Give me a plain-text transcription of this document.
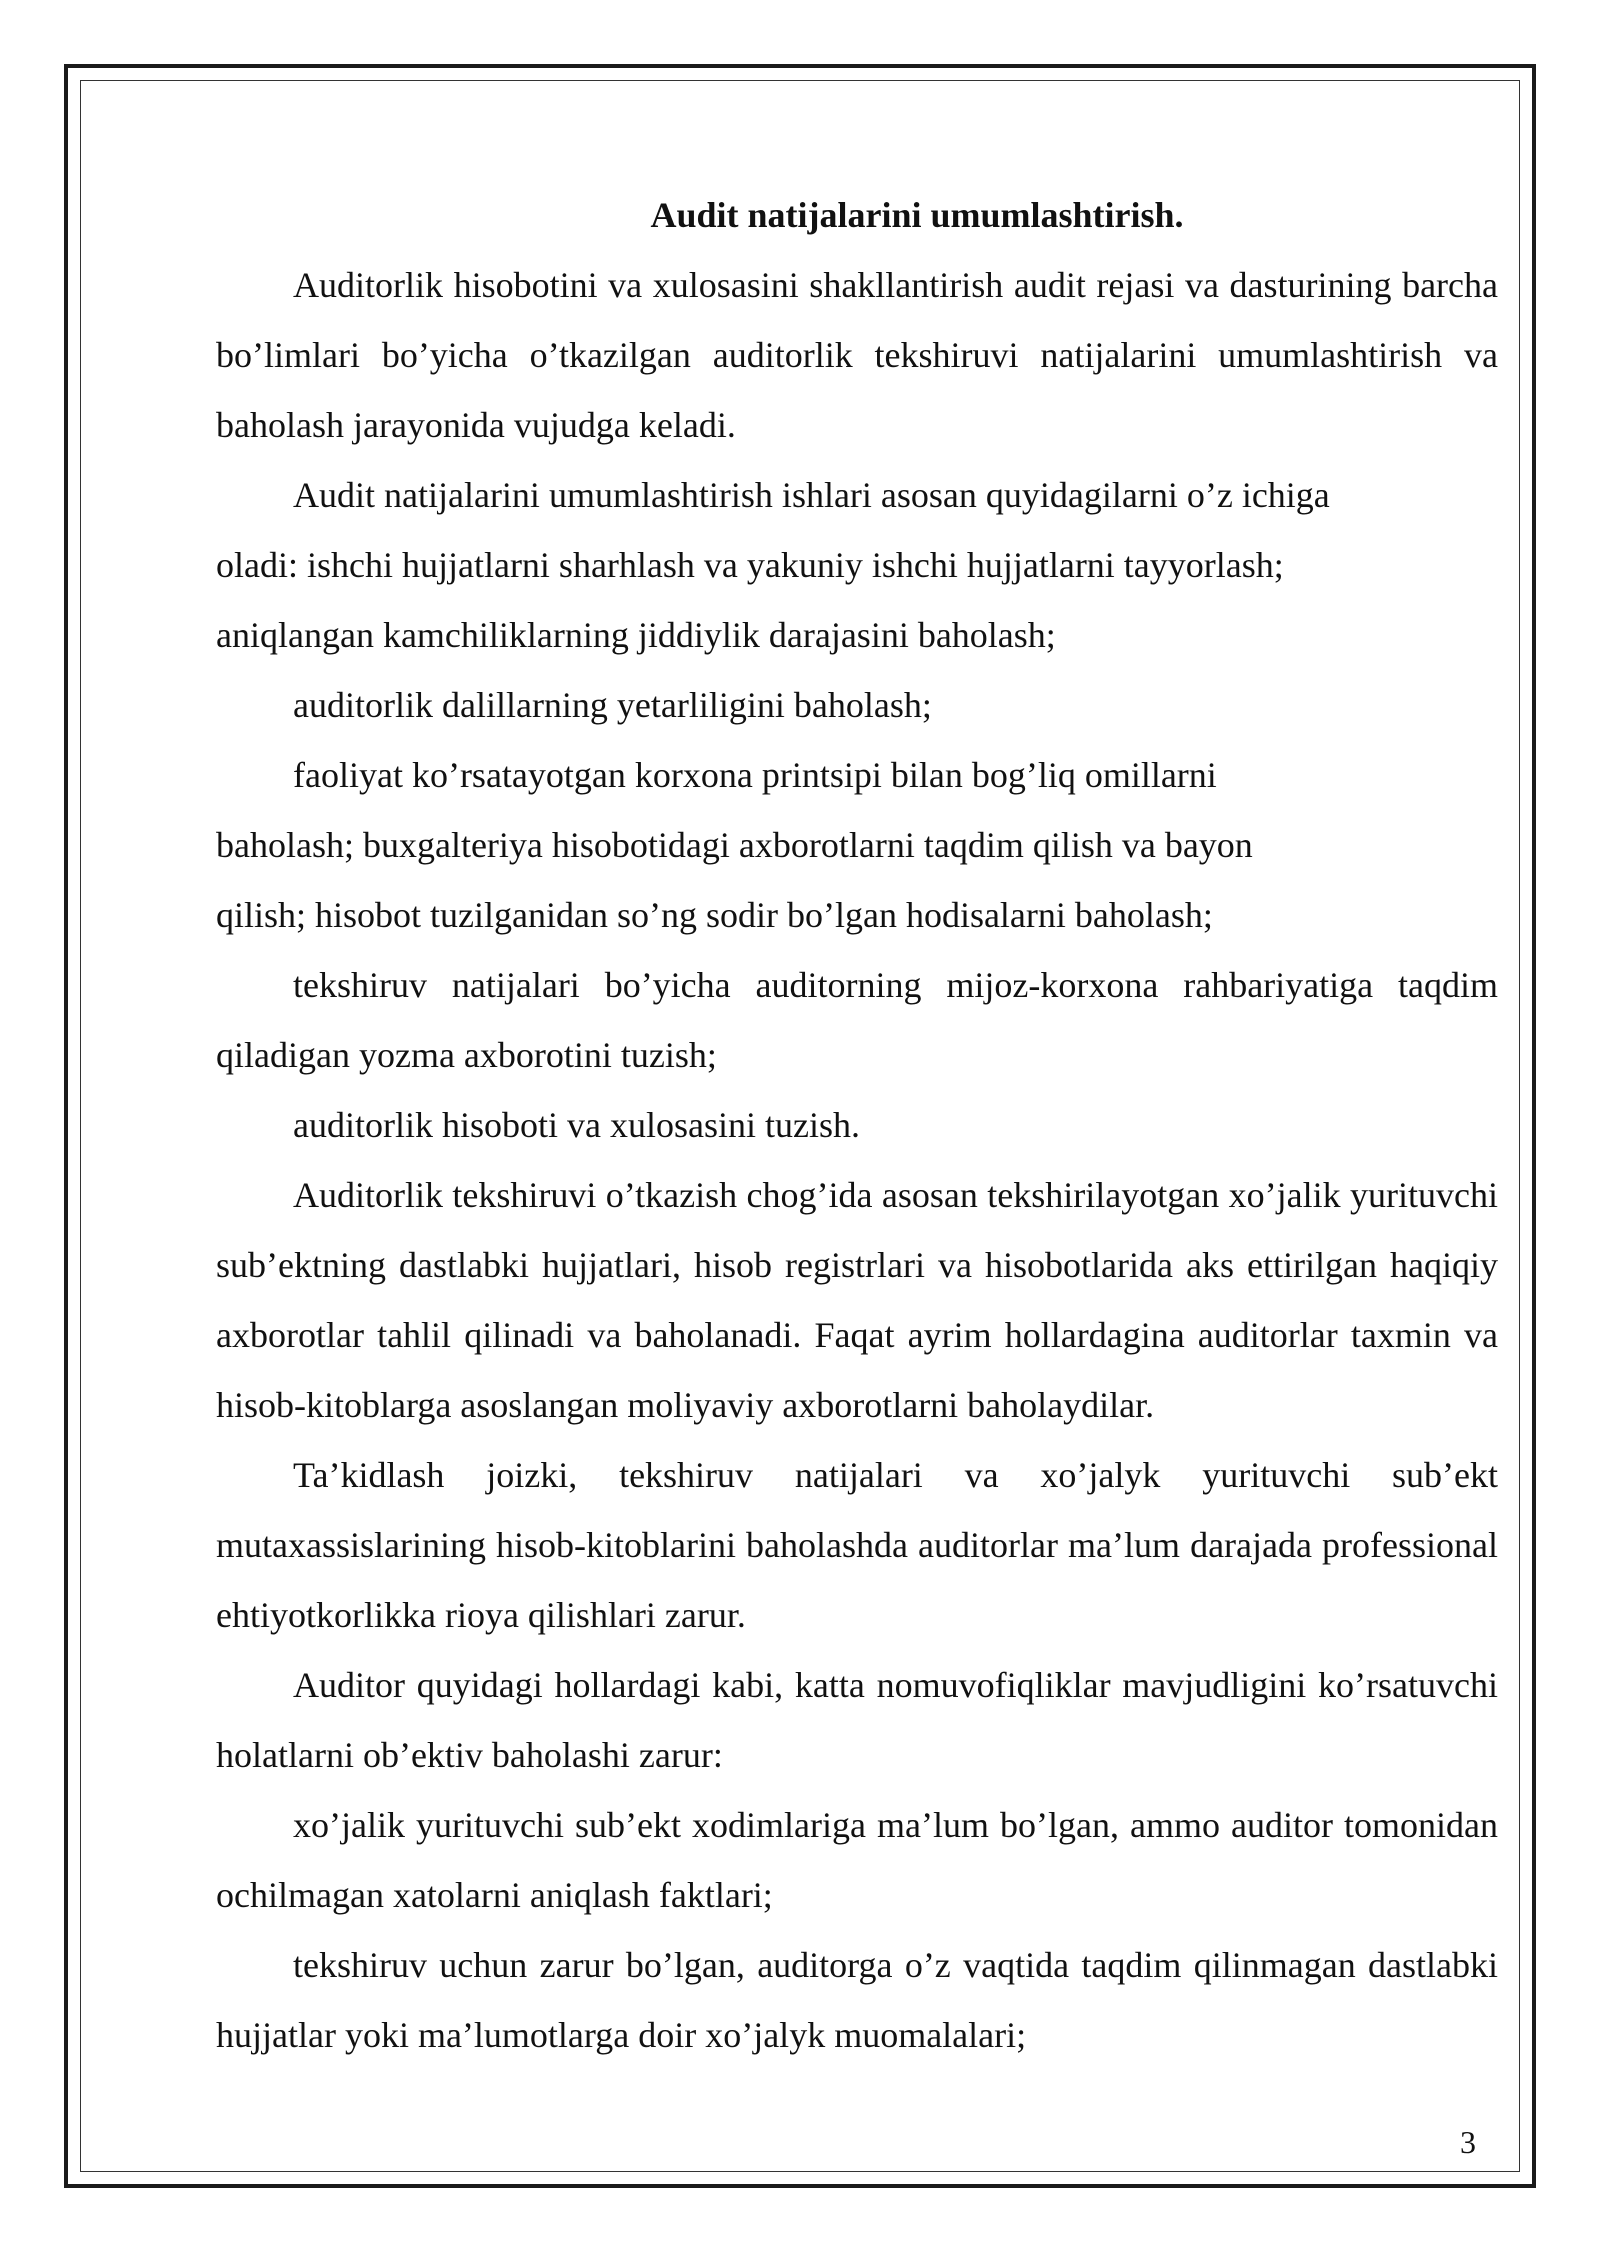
Audit natijalarini umumlashtirish.

Auditorlik hisobotini va xulosasini shakllantirish audit rejasi va dasturining barcha bo’limlari bo’yicha o’tkazilgan auditorlik tekshiruvi natijalarini umumlashtirish va baholash jarayonida vujudga keladi.

Audit natijalarini umumlashtirish ishlari asosan quyidagilarni o’z ichiga

oladi: ishchi hujjatlarni sharhlash va yakuniy ishchi hujjatlarni tayyorlash;

aniqlangan kamchiliklarning jiddiylik darajasini baholash;

auditorlik dalillarning yetarliligini baholash;

faoliyat ko’rsatayotgan korxona printsipi bilan bog’liq omillarni

baholash; buxgalteriya hisobotidagi axborotlarni taqdim qilish va bayon

qilish; hisobot tuzilganidan so’ng sodir bo’lgan hodisalarni baholash;

tekshiruv natijalari bo’yicha auditorning mijoz-korxona rahbariyatiga taqdim qiladigan yozma axborotini tuzish;

auditorlik hisoboti va xulosasini tuzish.

Auditorlik tekshiruvi o’tkazish chog’ida asosan tekshirilayotgan xo’jalik yurituvchi sub’ektning dastlabki hujjatlari, hisob registrlari va hisobotlarida aks ettirilgan haqiqiy axborotlar tahlil qilinadi va baholanadi. Faqat ayrim hollardagina auditorlar taxmin va hisob-kitoblarga asoslangan moliyaviy axborotlarni baholaydilar.

Ta’kidlash joizki, tekshiruv natijalari va xo’jalyk yurituvchi sub’ekt mutaxassislarining hisob-kitoblarini baholashda auditorlar ma’lum darajada professional ehtiyotkorlikka rioya qilishlari zarur.

Auditor quyidagi hollardagi kabi, katta nomuvofiqliklar mavjudligini ko’rsatuvchi holatlarni ob’ektiv baholashi zarur:

xo’jalik yurituvchi sub’ekt xodimlariga ma’lum bo’lgan, ammo auditor tomonidan ochilmagan xatolarni aniqlash faktlari;

tekshiruv uchun zarur bo’lgan, auditorga o’z vaqtida taqdim qilinmagan dastlabki hujjatlar yoki ma’lumotlarga doir xo’jalyk muomalalari;

3
